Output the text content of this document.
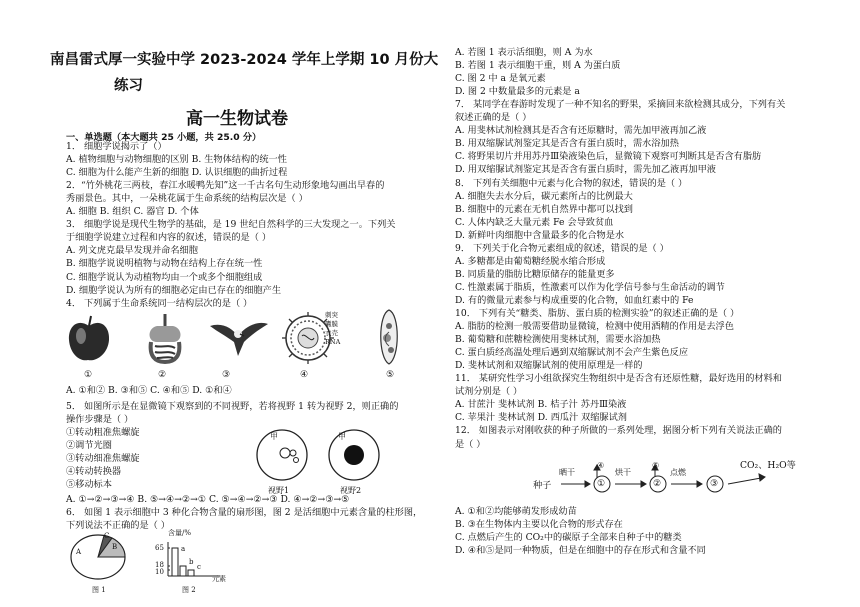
南昌雷式厚一实验中学 2023-2024 学年上学期 10 月份大
练习
高一生物试卷
一、单选题（本大题共 25 小题，共 25.0 分）
1． 细胞学说揭示了（）
A. 植物细胞与动物细胞的区别 B. 生物体结构的统一性
C. 细胞为什么能产生新的细胞 D. 认识细胞的曲折过程
2．“竹外桃花三两枝，春江水暖鸭先知”这一千古名句生动形象地勾画出早春的
秀丽景色。其中，一朵桃花属于生命系统的结构层次是（ ）
A. 细胞 B. 组织 C. 器官 D. 个体
3． 细胞学说是现代生物学的基础，是 19 世纪自然科学的三大发现之一。下列关
于细胞学说建立过程和内容的叙述，错误的是（ ）
A. 列文虎克最早发现并命名细胞
B. 细胞学说说明植物与动物在结构上存在统一性
C. 细胞学说认为动植物均由一个或多个细胞组成
D. 细胞学说认为所有的细胞必定由已存在的细胞产生
4． 下列属于生命系统同一结构层次的是（ ）
刺突
囊膜
衣壳
RNA
①	②	③	④	⑤
A. ①和② B. ③和⑤ C. ④和⑤ D. ①和④
5． 如图所示是在显微镜下观察到的不同视野，若将视野 1 转为视野 2，则正确的
操作步骤是（ ）
①转动粗准焦螺旋
②调节光圈
③转动细准焦螺旋
④转动转换器
⑤移动标本
甲	甲
视野1	视野2
A. ①→②→③→④ B. ⑤→④→②→① C. ⑤→④→②→③ D. ④→②→③→⑤
6． 如图 1 表示细胞中 3 种化合物含量的扇形图，图 2 是活细胞中元素含量的柱形图，
下列说法不正确的是（ ）
A
B
C
图 1
含量/%
65
18
10
a
b
c
元素
图 2
A. 若图 1 表示活细胞，则 A 为水
B. 若图 1 表示细胞干重，则 A 为蛋白质
C. 图 2 中 a 是氧元素
D. 图 2 中数量最多的元素是 a
7． 某同学在春游时发现了一种不知名的野果，采摘回来欲检测其成分，下列有关
叙述正确的是（ ）
A. 用斐林试剂检测其是否含有还原糖时，需先加甲液再加乙液
B. 用双缩脲试剂鉴定其是否含有蛋白质时，需水浴加热
C. 将野果切片并用苏丹Ⅲ染液染色后，显微镜下观察可判断其是否含有脂肪
D. 用双缩脲试剂鉴定其是否含有蛋白质时，需先加乙液再加甲液
8． 下列有关细胞中元素与化合物的叙述，错误的是（ ）
A. 细胞失去水分后，碳元素所占的比例最大
B. 细胞中的元素在无机自然界中都可以找到
C. 人体内缺乏大量元素 Fe 会导致贫血
D. 新鲜叶肉细胞中含量最多的化合物是水
9． 下列关于化合物元素组成的叙述，错误的是（ ）
A. 多糖都是由葡萄糖经脱水缩合形成
B. 同质量的脂肪比糖原储存的能量更多
C. 性激素属于脂质，性激素可以作为化学信号参与生命活动的调节
D. 有的微量元素参与构成重要的化合物，如血红素中的 Fe
10． 下列有关“糖类、脂肪、蛋白质的检测实验”的叙述正确的是（ ）
A. 脂肪的检测一般需要借助显微镜，检测中使用酒精的作用是去浮色
B. 葡萄糖和蔗糖检测使用斐林试剂，需要水浴加热
C. 蛋白质经高温处理后遇到双缩脲试剂不会产生紫色反应
D. 斐林试剂和双缩脲试剂的使用原理是一样的
11． 某研究性学习小组欲探究生物组织中是否含有还原性糖，最好选用的材料和
试剂分别是（ ）
A. 甘蔗汁 斐林试剂 B. 桔子汁 苏丹Ⅲ染液
C. 苹果汁 斐林试剂 D. 西瓜汁 双缩脲试剂
12． 如图表示对刚收获的种子所做的一系列处理，据图分析下列有关说法正确的
是（ ）
种子
晒干
①
④
烘干
②
⑤
点燃
③
CO₂、H₂O等
A. ①和②均能够萌发形成幼苗
B. ③在生物体内主要以化合物的形式存在
C. 点燃后产生的 CO₂中的碳原子全部来自种子中的糖类
D. ④和⑤是同一种物质，但是在细胞中的存在形式和含量不同
